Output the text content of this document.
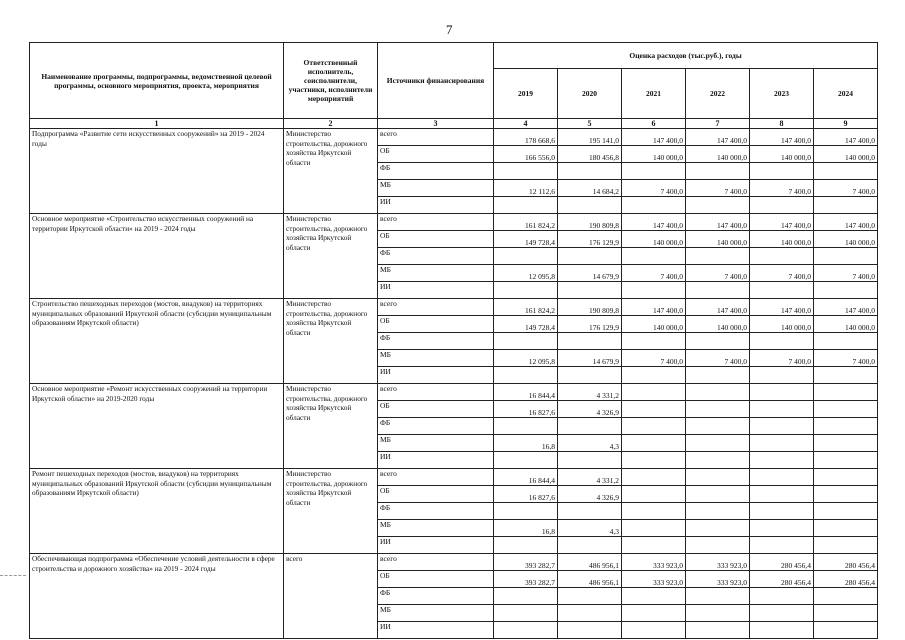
7
Наименование программы, подпрограммы, ведомственной целевой программы, основного мероприятия, проекта, мероприятия	Ответственный исполнитель, соисполнители, участники, исполнители мероприятий	Источники финансирования	Оценка расходов (тыс.руб.), годы					
			2019	2020	2021	2022	2023	2024
1	2	3	4	5	6	7	8	9
Подпрограмма «Развитие сети искусственных сооружений» на 2019 - 2024 годы	Министерство строительства, дорожного хозяйства Иркутской области	всего	178 668,6	195 141,0	147 400,0	147 400,0	147 400,0	147 400,0
		ОБ	166 556,0	180 456,8	140 000,0	140 000,0	140 000,0	140 000,0
		ФБ						
		МБ	12 112,6	14 684,2	7 400,0	7 400,0	7 400,0	7 400,0
		ИИ						
Основное мероприятие «Строительство искусственных сооружений на территории Иркутской области» на 2019 - 2024 годы	Министерство строительства, дорожного хозяйства Иркутской области	всего	161 824,2	190 809,8	147 400,0	147 400,0	147 400,0	147 400,0
		ОБ	149 728,4	176 129,9	140 000,0	140 000,0	140 000,0	140 000,0
		ФБ						
		МБ	12 095,8	14 679,9	7 400,0	7 400,0	7 400,0	7 400,0
		ИИ						
Строительство пешеходных переходов (мостов, виадуков) на территориях муниципальных образований Иркутской области (субсидии муниципальным образованиям Иркутской области)	Министерство строительства, дорожного хозяйства Иркутской области	всего	161 824,2	190 809,8	147 400,0	147 400,0	147 400,0	147 400,0
		ОБ	149 728,4	176 129,9	140 000,0	140 000,0	140 000,0	140 000,0
		ФБ						
		МБ	12 095,8	14 679,9	7 400,0	7 400,0	7 400,0	7 400,0
		ИИ						
Основное мероприятие «Ремонт искусственных сооружений на территории Иркутской области» на 2019-2020 годы	Министерство строительства, дорожного хозяйства Иркутской области	всего	16 844,4	4 331,2				
		ОБ	16 827,6	4 326,9				
		ФБ						
		МБ	16,8	4,3				
		ИИ						
Ремонт пешеходных переходов (мостов, виадуков) на территориях муниципальных образований Иркутской области (субсидии муниципальным образованиям Иркутской области)	Министерство строительства, дорожного хозяйства Иркутской области	всего	16 844,4	4 331,2				
		ОБ	16 827,6	4 326,9				
		ФБ						
		МБ	16,8	4,3				
		ИИ						
Обеспечивающая подпрограмма «Обеспечение условий деятельности в сфере строительства и дорожного хозяйства» на 2019 - 2024 годы	всего	всего	393 282,7	486 956,1	333 923,0	333 923,0	280 456,4	280 456,4
		ОБ	393 282,7	486 956,1	333 923,0	333 923,0	280 456,4	280 456,4
		ФБ						
		МБ						
		ИИ						
